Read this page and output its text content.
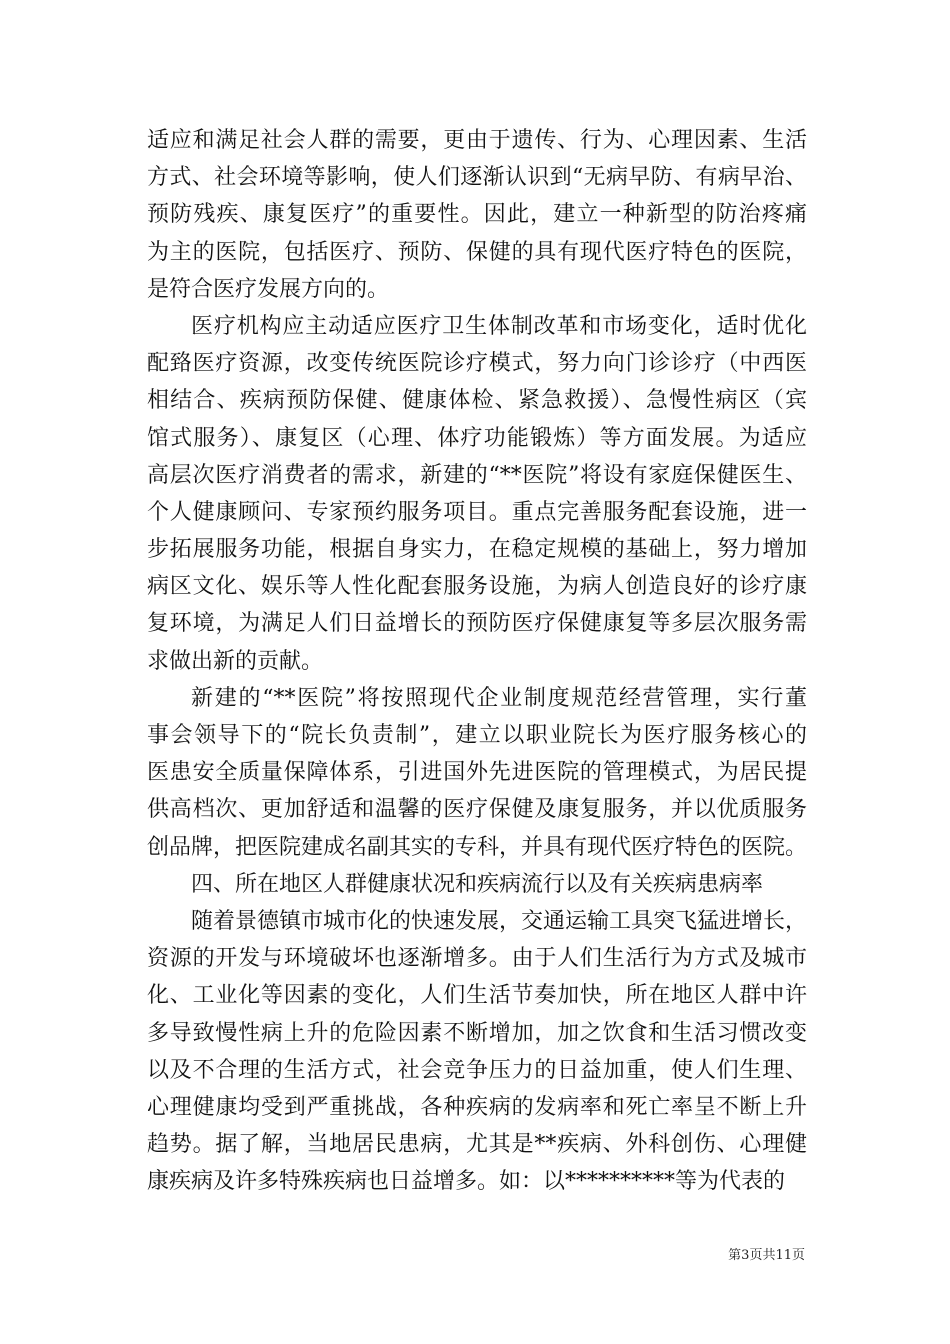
适应和满足社会人群的需要，更由于遗传、行为、心理因素、生活
方式、社会环境等影响，使人们逐渐认识到“无病早防、有病早治、
预防残疾、康复医疗”的重要性。因此，建立一种新型的防治疼痛
为主的医院，包括医疗、预防、保健的具有现代医疗特色的医院，
是符合医疗发展方向的。
医疗机构应主动适应医疗卫生体制改革和市场变化，适时优化
配臵医疗资源，改变传统医院诊疗模式，努力向门诊诊疗（中西医
相结合、疾病预防保健、健康体检、紧急救援）、急慢性病区（宾
馆式服务）、康复区（心理、体疗功能锻炼）等方面发展。为适应
高层次医疗消费者的需求，新建的“**医院”将设有家庭保健医生、
个人健康顾问、专家预约服务项目。重点完善服务配套设施，进一
步拓展服务功能，根据自身实力，在稳定规模的基础上，努力增加
病区文化、娱乐等人性化配套服务设施，为病人创造良好的诊疗康
复环境，为满足人们日益增长的预防医疗保健康复等多层次服务需
求做出新的贡献。
新建的“**医院”将按照现代企业制度规范经营管理，实行董
事会领导下的“院长负责制”，建立以职业院长为医疗服务核心的
医患安全质量保障体系，引进国外先进医院的管理模式，为居民提
供高档次、更加舒适和温馨的医疗保健及康复服务，并以优质服务
创品牌，把医院建成名副其实的专科，并具有现代医疗特色的医院。
四、所在地区人群健康状况和疾病流行以及有关疾病患病率
随着景德镇市城市化的快速发展，交通运输工具突飞猛进增长，
资源的开发与环境破坏也逐渐增多。由于人们生活行为方式及城市
化、工业化等因素的变化，人们生活节奏加快，所在地区人群中许
多导致慢性病上升的危险因素不断增加，加之饮食和生活习惯改变
以及不合理的生活方式，社会竞争压力的日益加重，使人们生理、
心理健康均受到严重挑战，各种疾病的发病率和死亡率呈不断上升
趋势。据了解，当地居民患病，尤其是**疾病、外科创伤、心理健
康疾病及许多特殊疾病也日益增多。如：以**********等为代表的
第3页共11页
